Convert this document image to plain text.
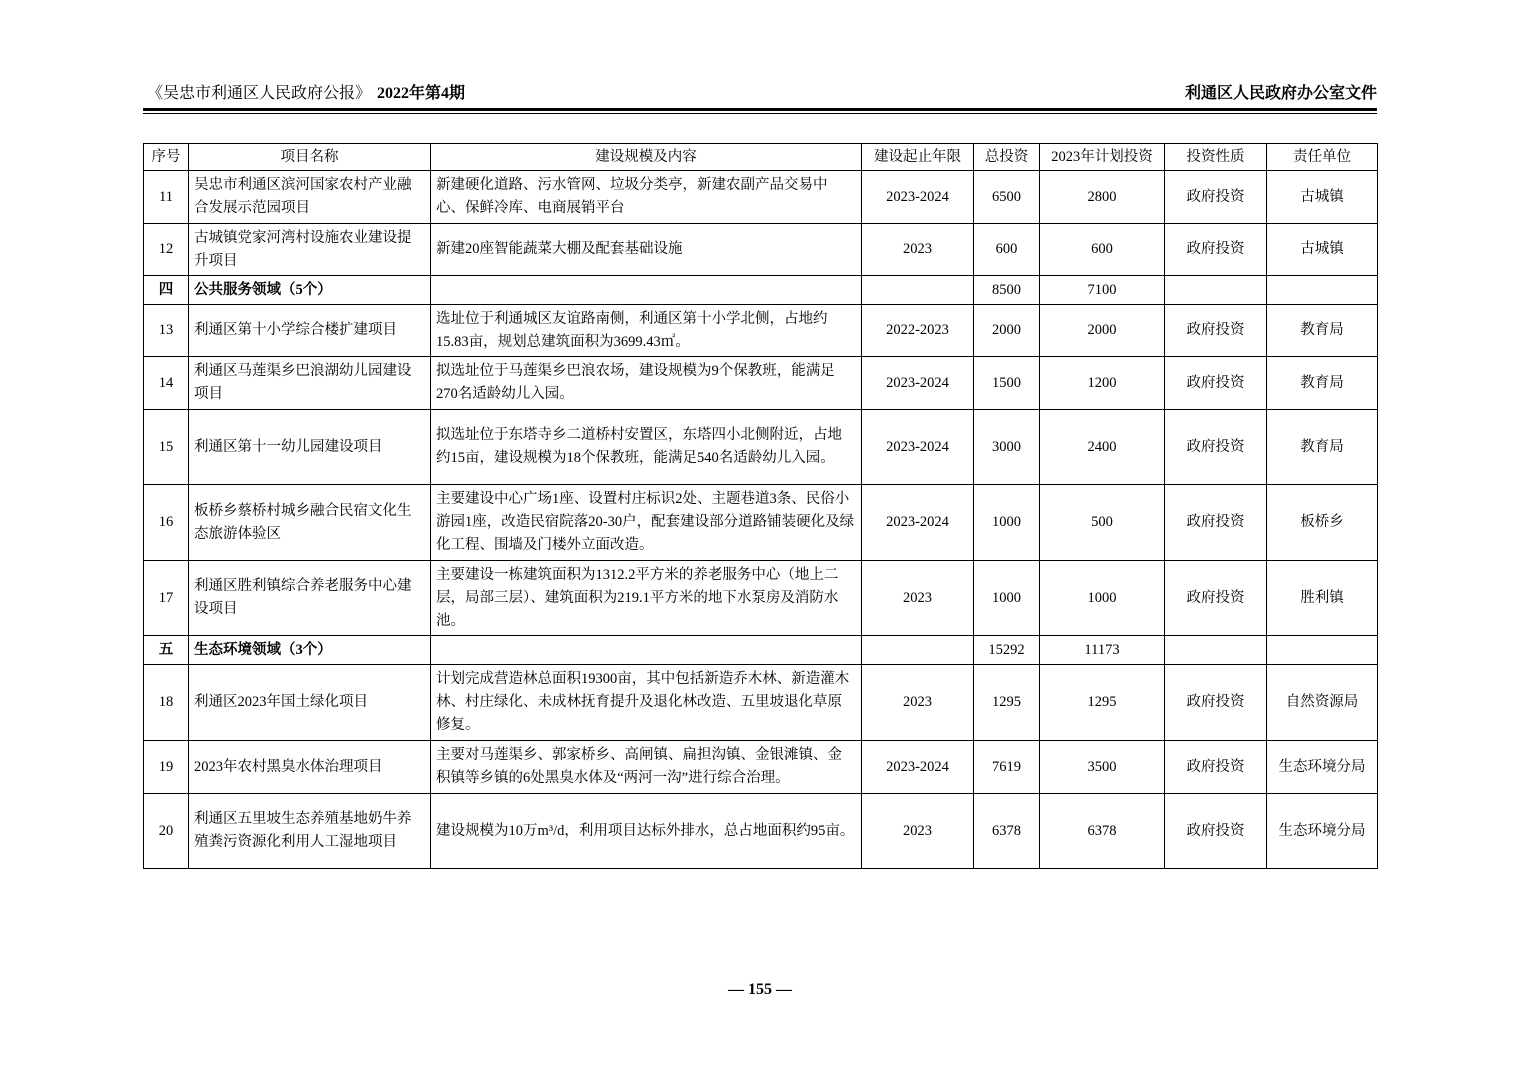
《吴忠市利通区人民政府公报》 2022年第4期	利通区人民政府办公室文件
序号	项目名称	建设规模及内容	建设起止年限	总投资	2023年计划投资	投资性质	责任单位
11	吴忠市利通区滨河国家农村产业融合发展示范园项目	新建硬化道路、污水管网、垃圾分类亭，新建农副产品交易中心、保鲜冷库、电商展销平台	2023-2024	6500	2800	政府投资	古城镇
12	古城镇党家河湾村设施农业建设提升项目	新建20座智能蔬菜大棚及配套基础设施	2023	600	600	政府投资	古城镇
四	公共服务领域（5个）			8500	7100		
13	利通区第十小学综合楼扩建项目	选址位于利通城区友谊路南侧，利通区第十小学北侧，占地约15.83亩，规划总建筑面积为3699.43㎡。	2022-2023	2000	2000	政府投资	教育局
14	利通区马莲渠乡巴浪湖幼儿园建设项目	拟选址位于马莲渠乡巴浪农场，建设规模为9个保教班，能满足270名适龄幼儿入园。	2023-2024	1500	1200	政府投资	教育局
15	利通区第十一幼儿园建设项目	拟选址位于东塔寺乡二道桥村安置区，东塔四小北侧附近，占地约15亩，建设规模为18个保教班，能满足540名适龄幼儿入园。	2023-2024	3000	2400	政府投资	教育局
16	板桥乡蔡桥村城乡融合民宿文化生态旅游体验区	主要建设中心广场1座、设置村庄标识2处、主题巷道3条、民俗小游园1座，改造民宿院落20-30户，配套建设部分道路铺装硬化及绿化工程、围墙及门楼外立面改造。	2023-2024	1000	500	政府投资	板桥乡
17	利通区胜利镇综合养老服务中心建设项目	主要建设一栋建筑面积为1312.2平方米的养老服务中心（地上二层，局部三层）、建筑面积为219.1平方米的地下水泵房及消防水池。	2023	1000	1000	政府投资	胜利镇
五	生态环境领域（3个）			15292	11173		
18	利通区2023年国土绿化项目	计划完成营造林总面积19300亩，其中包括新造乔木林、新造灌木林、村庄绿化、未成林抚育提升及退化林改造、五里坡退化草原修复。	2023	1295	1295	政府投资	自然资源局
19	2023年农村黑臭水体治理项目	主要对马莲渠乡、郭家桥乡、高闸镇、扁担沟镇、金银滩镇、金积镇等乡镇的6处黑臭水体及“两河一沟”进行综合治理。	2023-2024	7619	3500	政府投资	生态环境分局
20	利通区五里坡生态养殖基地奶牛养殖粪污资源化利用人工湿地项目	建设规模为10万m³/d，利用项目达标外排水，总占地面积约95亩。	2023	6378	6378	政府投资	生态环境分局
— 155 —
